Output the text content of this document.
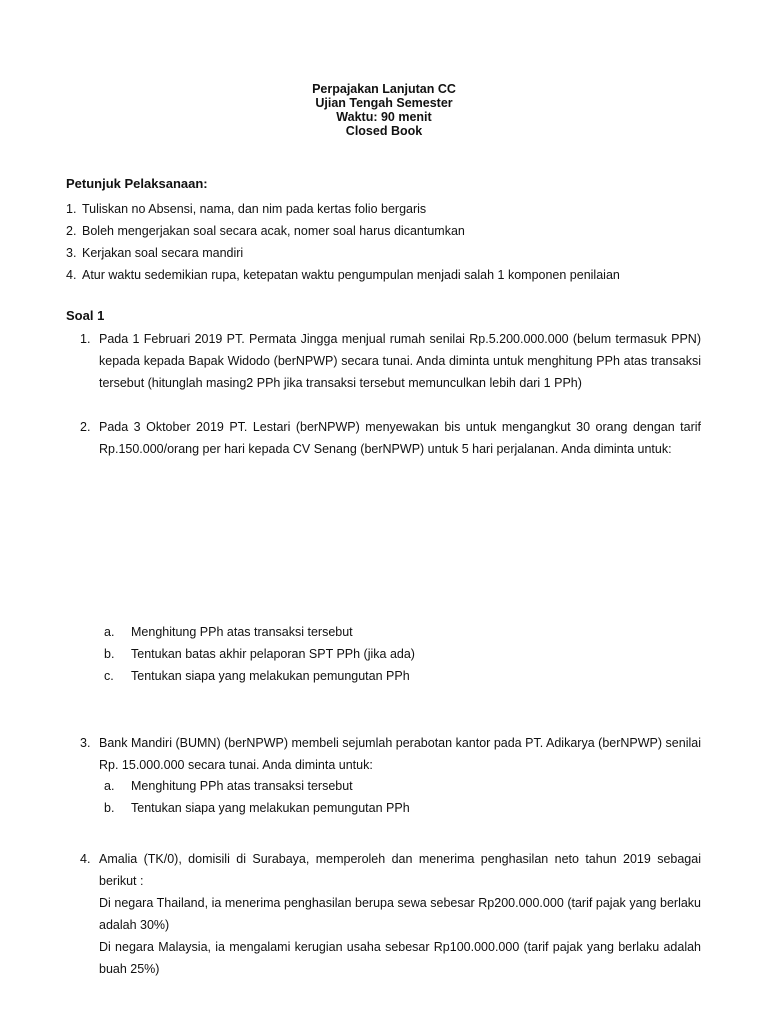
Perpajakan Lanjutan CC
Ujian Tengah Semester
Waktu: 90 menit
Closed Book
Petunjuk Pelaksanaan:
1. Tuliskan no Absensi, nama, dan nim pada kertas folio bergaris
2. Boleh mengerjakan soal secara acak, nomer soal harus dicantumkan
3. Kerjakan soal secara mandiri
4. Atur waktu sedemikian rupa, ketepatan waktu pengumpulan menjadi salah 1 komponen penilaian
Soal 1
1. Pada 1 Februari 2019 PT. Permata Jingga menjual rumah senilai Rp.5.200.000.000 (belum termasuk PPN) kepada kepada Bapak Widodo (berNPWP) secara tunai. Anda diminta untuk menghitung PPh atas transaksi tersebut (hitunglah masing2 PPh jika transaksi tersebut memunculkan lebih dari 1 PPh)
2. Pada 3 Oktober 2019 PT. Lestari (berNPWP) menyewakan bis untuk mengangkut 30 orang dengan tarif Rp.150.000/orang per hari kepada CV Senang (berNPWP) untuk 5 hari perjalanan. Anda diminta untuk:
a.	Menghitung PPh atas transaksi tersebut
b.	Tentukan batas akhir pelaporan SPT PPh (jika ada)
c.	Tentukan siapa yang melakukan pemungutan PPh
3. Bank Mandiri (BUMN) (berNPWP) membeli sejumlah perabotan kantor pada PT. Adikarya (berNPWP) senilai Rp. 15.000.000 secara tunai. Anda diminta untuk:
a.	Menghitung PPh atas transaksi tersebut
b.	Tentukan siapa yang melakukan pemungutan PPh
4. Amalia (TK/0), domisili di Surabaya, memperoleh dan menerima penghasilan neto tahun 2019 sebagai berikut :
Di negara Thailand, ia menerima penghasilan berupa sewa sebesar Rp200.000.000 (tarif pajak yang berlaku adalah 30%)
Di negara Malaysia, ia mengalami kerugian usaha sebesar Rp100.000.000 (tarif pajak yang berlaku adalah buah 25%)
